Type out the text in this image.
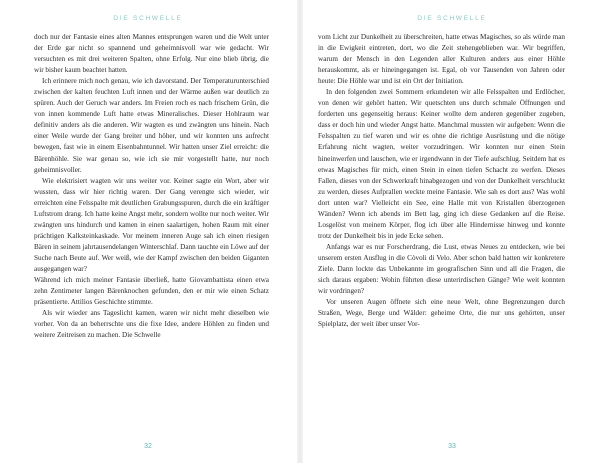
DIE SCHWELLE

doch nur der Fantasie eines alten Mannes entsprungen waren und die Welt unter der Erde gar nicht so spannend und geheimnisvoll war wie gedacht. Wir versuchten es mit drei weiteren Spalten, ohne Erfolg. Nur eine blieb übrig, die wir bisher kaum beachtet hatten.

Ich erinnere mich noch genau, wie ich davorstand. Der Temperaturunterschied zwischen der kalten feuchten Luft innen und der Wärme außen war deutlich zu spüren. Auch der Geruch war anders. Im Freien roch es nach frischem Grün, die von innen kommende Luft hatte etwas Mineralisches. Dieser Hohlraum war definitiv anders als die anderen. Wir wagten es und zwängten uns hinein. Nach einer Weile wurde der Gang breiter und höher, und wir konnten uns aufrecht bewegen, fast wie in einem Eisenbahntunnel. Wir hatten unser Ziel erreicht: die Bärenhöhle. Sie war genau so, wie ich sie mir vorgestellt hatte, nur noch geheimnisvoller.

Wie elektrisiert wagten wir uns weiter vor. Keiner sagte ein Wort, aber wir wussten, dass wir hier richtig waren. Der Gang verengte sich wieder, wir erreichten eine Felsspalte mit deutlichen Grabungsspuren, durch die ein kräftiger Luftstrom drang. Ich hatte keine Angst mehr, sondern wollte nur noch weiter. Wir zwängten uns hindurch und kamen in einen saalartigen, hohen Raum mit einer prächtigen Kalksteinkaskade. Vor meinem inneren Auge sah ich einen riesigen Bären in seinem jahrtausendelangen Winterschlaf. Dann tauchte ein Löwe auf der Suche nach Beute auf. Wer weiß, wie der Kampf zwischen den beiden Giganten ausgegangen war?

Während ich mich meiner Fantasie überließ, hatte Giovambattista einen etwa zehn Zentimeter langen Bärenknochen gefunden, den er mir wie einen Schatz präsentierte. Attilios Geschichte stimmte.

Als wir wieder ans Tageslicht kamen, waren wir nicht mehr dieselben wie vorher. Von da an beherrschte uns die fixe Idee, andere Höhlen zu finden und weitere Zeitreisen zu machen. Die Schwelle

32
DIE SCHWELLE

vom Licht zur Dunkelheit zu überschreiten, hatte etwas Magisches, so als würde man in die Ewigkeit eintreten, dort, wo die Zeit stehengeblieben war. Wir begriffen, warum der Mensch in den Legenden aller Kulturen anders aus einer Höhle herauskommt, als er hineingegangen ist. Egal, ob vor Tausenden von Jahren oder heute: Die Höhle war und ist ein Ort der Initiation.

In den folgenden zwei Sommern erkundeten wir alle Felsspalten und Erdlöcher, von denen wir gehört hatten. Wir quetschten uns durch schmale Öffnungen und forderten uns gegenseitig heraus: Keiner wollte dem anderen gegenüber zugeben, dass er doch hin und wieder Angst hatte. Manchmal mussten wir aufgeben: Wenn die Felsspalten zu tief waren und wir es ohne die richtige Ausrüstung und die nötige Erfahrung nicht wagten, weiter vorzudringen. Wir konnten nur einen Stein hineinwerfen und lauschen, wie er irgendwann in der Tiefe aufschlug. Seitdem hat es etwas Magisches für mich, einen Stein in einen tiefen Schacht zu werfen. Dieses Fallen, dieses von der Schwerkraft hinabgezogen und von der Dunkelheit verschluckt zu werden, dieses Aufprallen weckte meine Fantasie. Wie sah es dort aus? Was wohl dort unten war? Vielleicht ein See, eine Halle mit von Kristallen überzogenen Wänden? Wenn ich abends im Bett lag, ging ich diese Gedanken auf die Reise. Losgelöst von meinem Körper, flog ich über alle Hindernisse hinweg und konnte trotz der Dunkelheit bis in jede Ecke sehen.

Anfangs war es nur Forscherdrang, die Lust, etwas Neues zu entdecken, wie bei unserem ersten Ausflug in die Còvoli di Velo. Aber schon bald hatten wir konkretere Ziele. Dann lockte das Unbekannte im geografischen Sinn und all die Fragen, die sich daraus ergaben: Wohin führten diese unterirdischen Gänge? Wie weit konnten wir vordringen?

Vor unseren Augen öffnete sich eine neue Welt, ohne Begrenzungen durch Straßen, Wege, Berge und Wälder: geheime Orte, die nur uns gehörten, unser Spielplatz, der weit über unser Vor-

33
